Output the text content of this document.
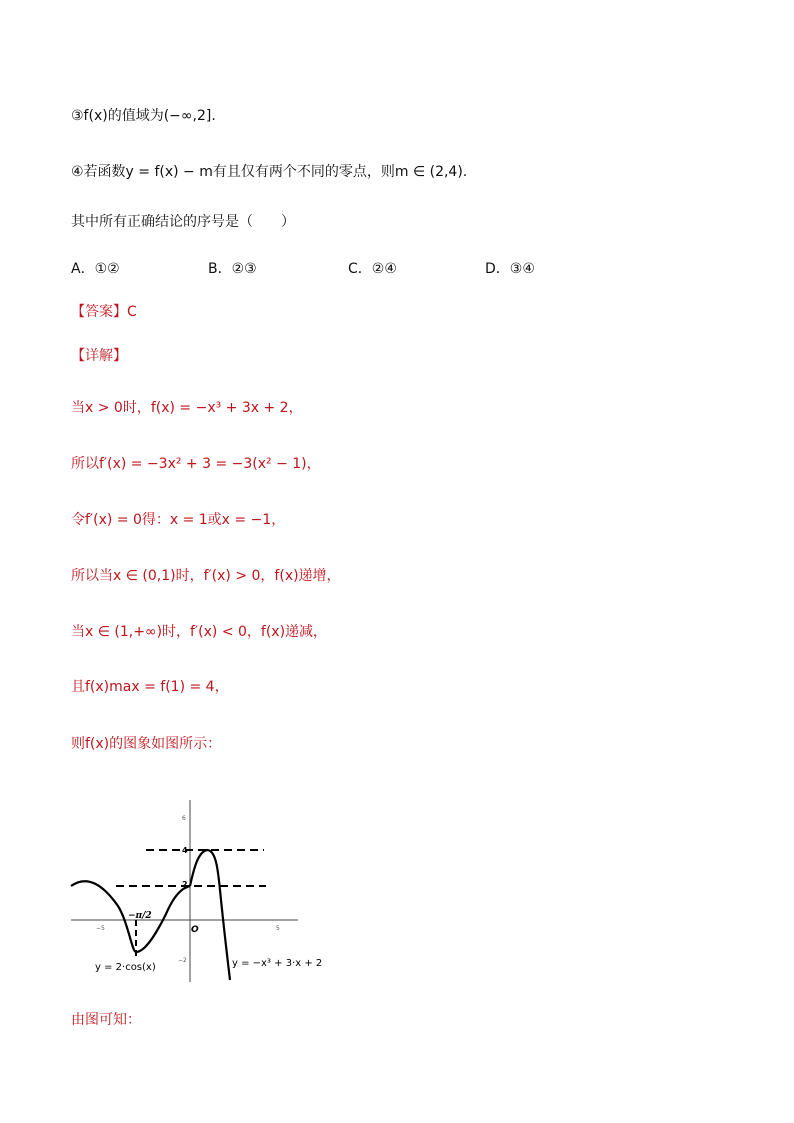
③f(x)的值域为(−∞,2].
④若函数y = f(x) − m有且仅有两个不同的零点，则m ∈ (2,4).
其中所有正确结论的序号是（　　）
A．①②	B．②③	C．②④	D．③④
【答案】C
【详解】
当x > 0时，f(x) = −x³ + 3x + 2，
所以f′(x) = −3x² + 3 = −3(x² − 1)，
令f′(x) = 0得：x = 1或x = −1，
所以当x ∈ (0,1)时，f′(x) > 0，f(x)递增，
当x ∈ (1,+∞)时，f′(x) < 0，f(x)递减，
且f(x)max = f(1) = 4，
则f(x)的图象如图所示：
6
4
2
−2
−5
−π/2
5
O
y = 2·cos(x)	y = −x³ + 3·x + 2
由图可知：
